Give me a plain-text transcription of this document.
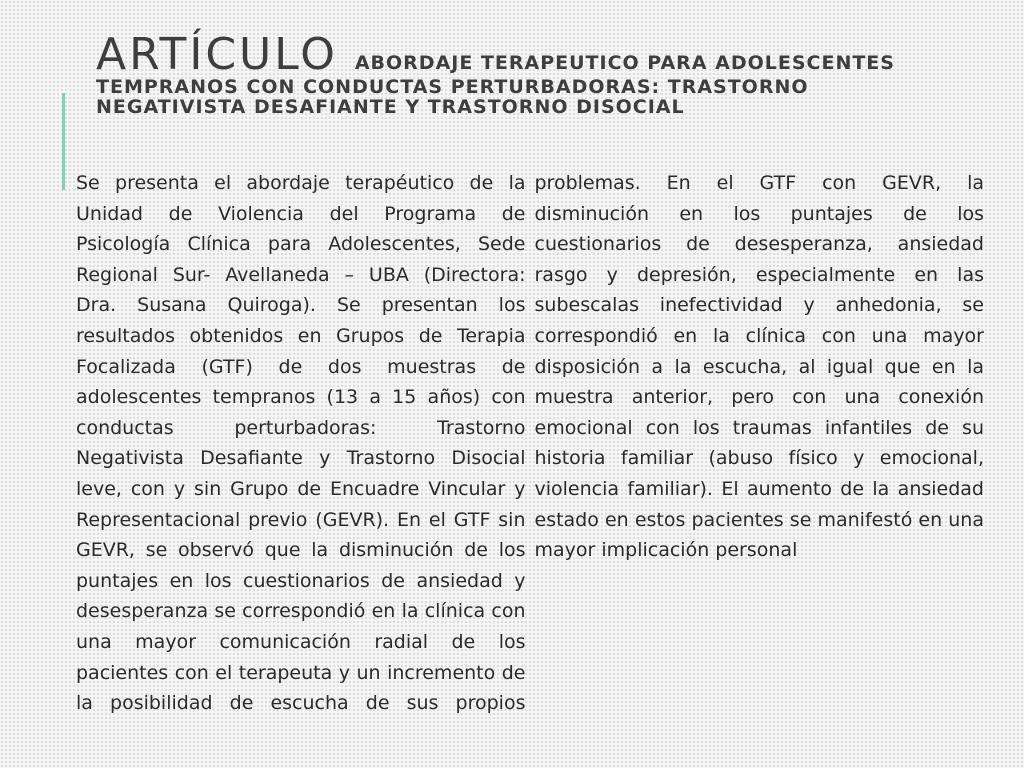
ARTÍCULO ABORDAJE TERAPEUTICO PARA ADOLESCENTES
TEMPRANOS CON CONDUCTAS PERTURBADORAS: TRASTORNO
NEGATIVISTA DESAFIANTE Y TRASTORNO DISOCIAL

Se presenta el abordaje terapéutico de la Unidad de Violencia del Programa de Psicología Clínica para Adolescentes, Sede Regional Sur- Avellaneda – UBA (Directora: Dra. Susana Quiroga). Se presentan los resultados obtenidos en Grupos de Terapia Focalizada (GTF) de dos muestras de adolescentes tempranos (13 a 15 años) con conductas perturbadoras: Trastorno Negativista Desafiante y Trastorno Disocial leve, con y sin Grupo de Encuadre Vincular y Representacional previo (GEVR). En el GTF sin GEVR, se observó que la disminución de los puntajes en los cuestionarios de ansiedad y desesperanza se correspondió en la clínica con una mayor comunicación radial de los pacientes con el terapeuta y un incremento de la posibilidad de escucha de sus propios problemas. En el GTF con GEVR, la disminución en los puntajes de los cuestionarios de desesperanza, ansiedad rasgo y depresión, especialmente en las subescalas inefectividad y anhedonia, se correspondió en la clínica con una mayor disposición a la escucha, al igual que en la muestra anterior, pero con una conexión emocional con los traumas infantiles de su historia familiar (abuso físico y emocional, violencia familiar). El aumento de la ansiedad estado en estos pacientes se manifestó en una mayor implicación personal
